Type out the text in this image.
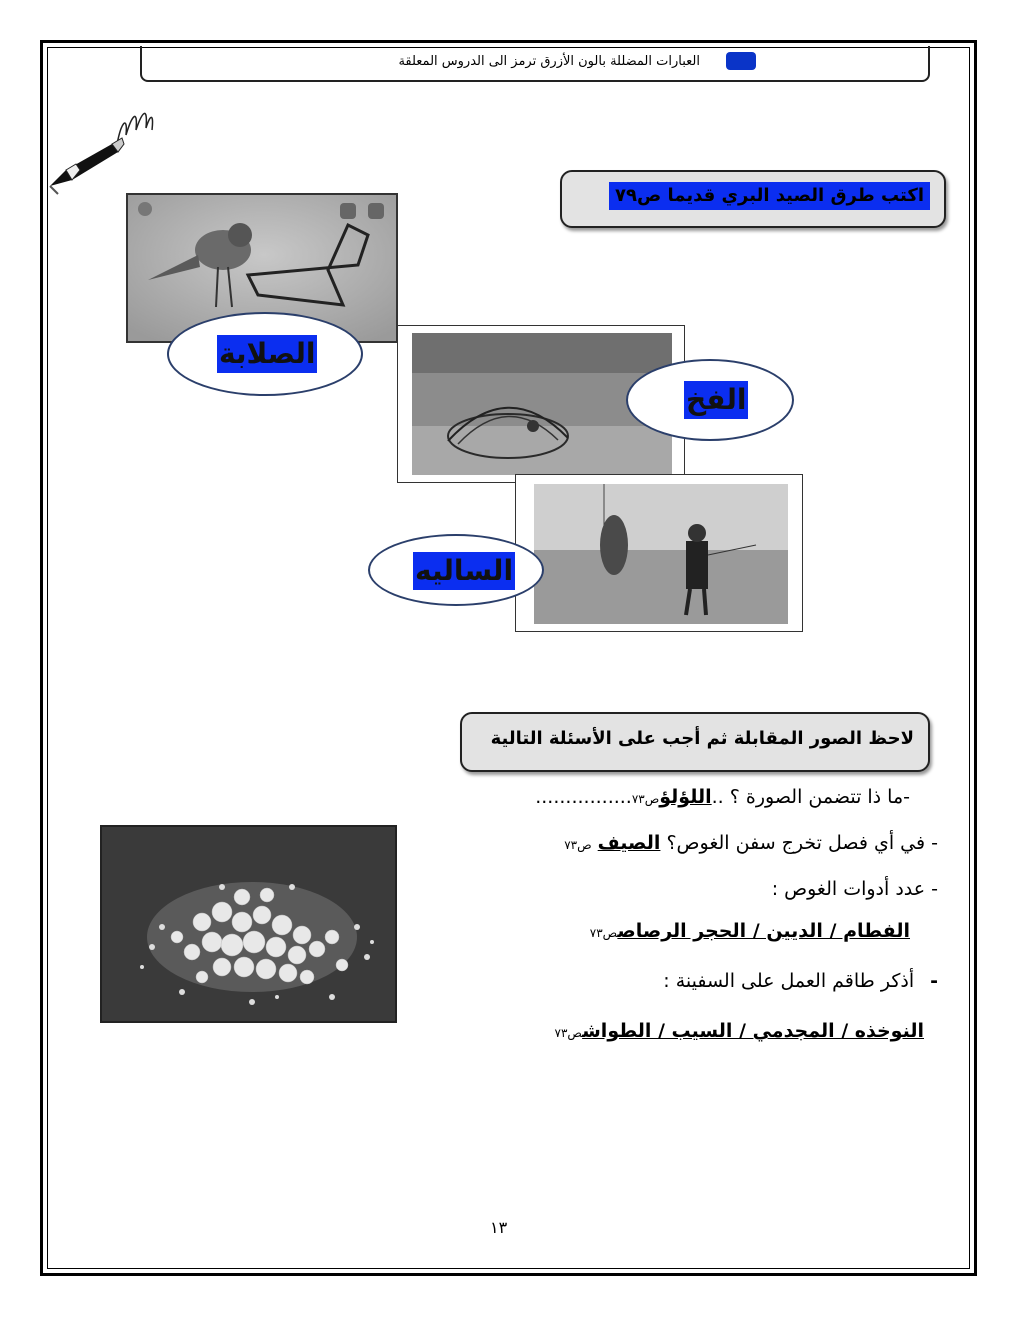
العبارات المضللة بالون الأزرق ترمز الى الدروس المعلقة
اكتب طرق الصيد البري قديما ص٧٩
الصلابة
الفخ
الساليه
لاحظ الصور المقابلة ثم أجب على الأسئلة التالية
-ما ذا تتضمن الصورة ؟ ..اللؤلؤص٧٣................
- في أي فصل تخرج سفن الغوص؟ الصيف ص٧٣
- عدد أدوات الغوص :
الفطام / الديين / الحجر الرصاصص٧٣
-أذكر طاقم العمل على السفينة :
النوخذه / المجدمي / السيب / الطواشص٧٣
١٣
